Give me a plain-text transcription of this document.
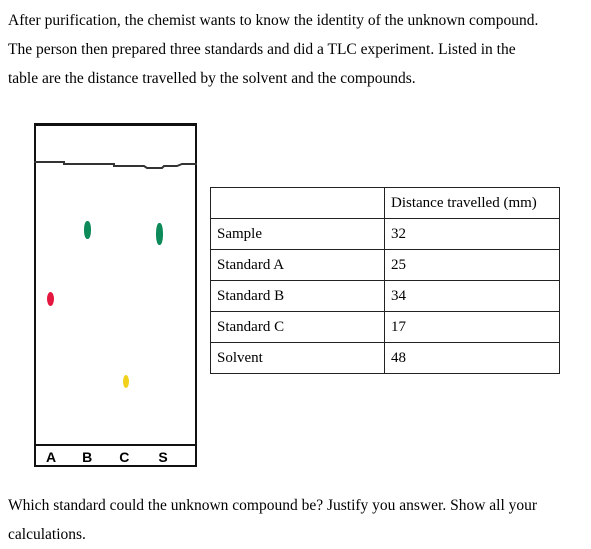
After purification, the chemist wants to know the identity of the unknown compound.

The person then prepared three standards and did a TLC experiment. Listed in the

table are the distance travelled by the solvent and the compounds.

A B C S
	Distance travelled (mm)
Sample	32
Standard A	25
Standard B	34
Standard C	17
Solvent	48

Which standard could the unknown compound be? Justify you answer. Show all your

calculations.
